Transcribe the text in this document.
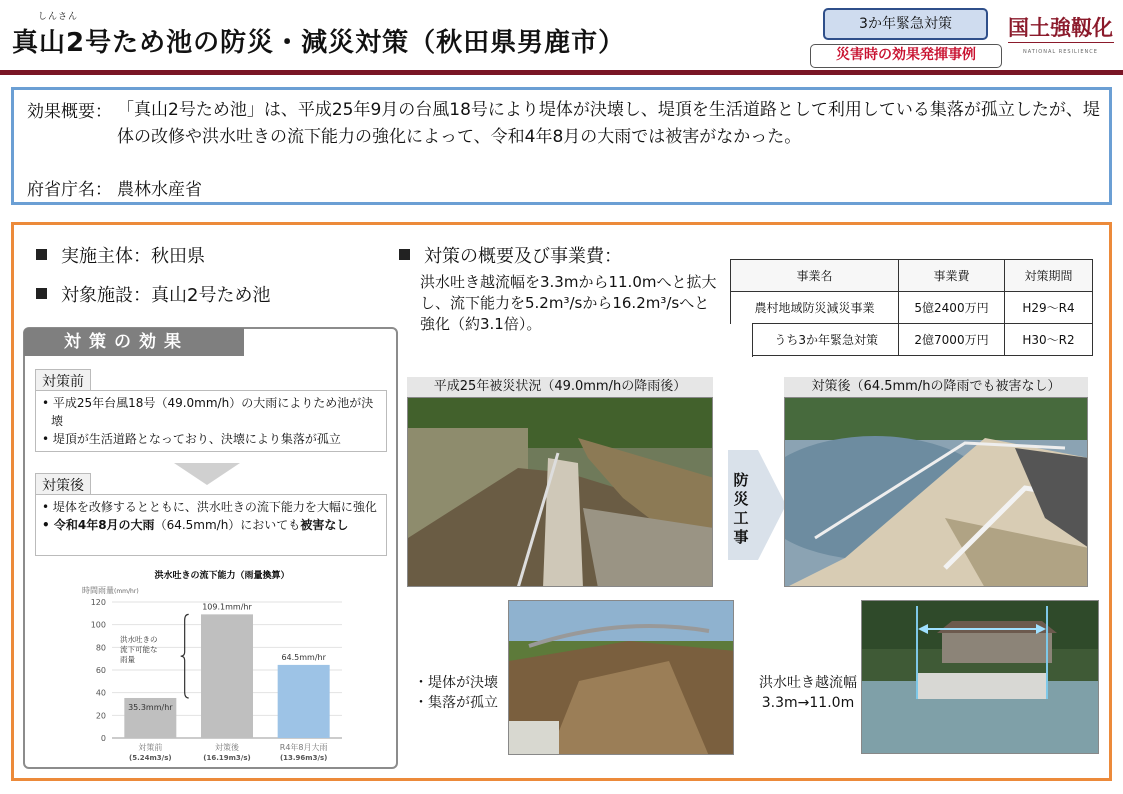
しんさん
真山2号ため池の防災・減災対策（秋田県男鹿市）
3か年緊急対策
災害時の効果発揮事例
国土強靱化
NATIONAL RESILIENCE
効果概要： 「真山2号ため池」は、平成25年9月の台風18号により堤体が決壊し、堤頂を生活道路として利用している集落が孤立したが、堤体の改修や洪水吐きの流下能力の強化によって、令和4年8月の大雨では被害がなかった。
府省庁名： 農林水産省
実施主体：秋田県
対象施設：真山2号ため池
対策の概要及び事業費：
洪水吐き越流幅を3.3mから11.0mへと拡大し、流下能力を5.2m³/sから16.2m³/sへと強化（約3.1倍）。
事業名	事業費	対策期間
農村地域防災減災事業	5億2400万円	H29～R4

うち3か年緊急対策	2億7000万円	H30～R2
対策の効果
対策前
• 平成25年台風18号（49.0mm/h）の大雨によりため池が決壊
• 堤頂が生活道路となっており、決壊により集落が孤立
対策後
• 堤体を改修するとともに、洪水吐きの流下能力を大幅に強化
• 令和4年8月の大雨（64.5mm/h）においても被害なし
洪水吐きの流下能力（雨量換算）
時間雨量(mm/hr)
0
20
40
60
80
100
120
35.3mm/hr
対策前
(5.24m3/s)
109.1mm/hr
対策後
(16.19m3/s)
64.5mm/hr
R4年8月大雨
(13.96m3/s)
洪水吐きの流下可能な雨量
平成25年被災状況（49.0mm/hの降雨後）
防災工事
対策後（64.5mm/hの降雨でも被害なし）
・堤体が決壊
・集落が孤立
洪水吐き越流幅
3.3m→11.0m
